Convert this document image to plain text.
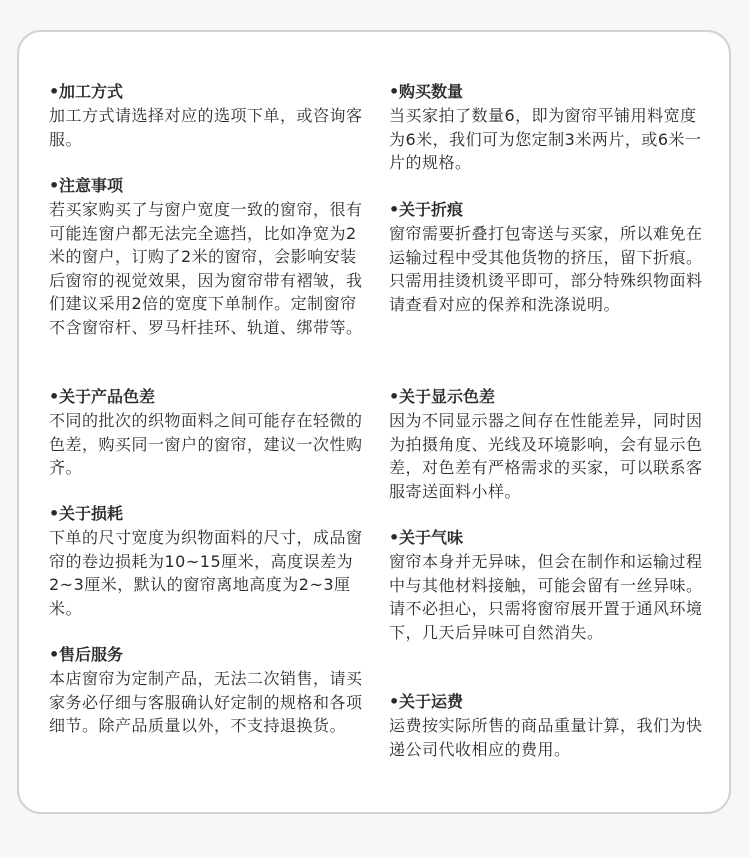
•加工方式

加工方式请选择对应的选项下单，或咨询客服。

•注意事项

若买家购买了与窗户宽度一致的窗帘，很有可能连窗户都无法完全遮挡，比如净宽为2米的窗户，订购了2米的窗帘，会影响安装后窗帘的视觉效果，因为窗帘带有褶皱，我们建议采用2倍的宽度下单制作。定制窗帘不含窗帘杆、罗马杆挂环、轨道、绑带等。

•关于产品色差

不同的批次的织物面料之间可能存在轻微的色差，购买同一窗户的窗帘，建议一次性购齐。

•关于损耗

下单的尺寸宽度为织物面料的尺寸，成品窗帘的卷边损耗为10~15厘米，高度误差为2~3厘米，默认的窗帘离地高度为2~3厘米。

•售后服务

本店窗帘为定制产品，无法二次销售，请买家务必仔细与客服确认好定制的规格和各项细节。除产品质量以外，不支持退换货。

•购买数量

当买家拍了数量6，即为窗帘平铺用料宽度为6米，我们可为您定制3米两片，或6米一片的规格。

•关于折痕

窗帘需要折叠打包寄送与买家，所以难免在运输过程中受其他货物的挤压，留下折痕。只需用挂烫机烫平即可，部分特殊织物面料请查看对应的保养和洗涤说明。

•关于显示色差

因为不同显示器之间存在性能差异，同时因为拍摄角度、光线及环境影响，会有显示色差，对色差有严格需求的买家，可以联系客服寄送面料小样。

•关于气味

窗帘本身并无异味，但会在制作和运输过程中与其他材料接触，可能会留有一丝异味。请不必担心，只需将窗帘展开置于通风环境下，几天后异味可自然消失。

•关于运费

运费按实际所售的商品重量计算，我们为快递公司代收相应的费用。
